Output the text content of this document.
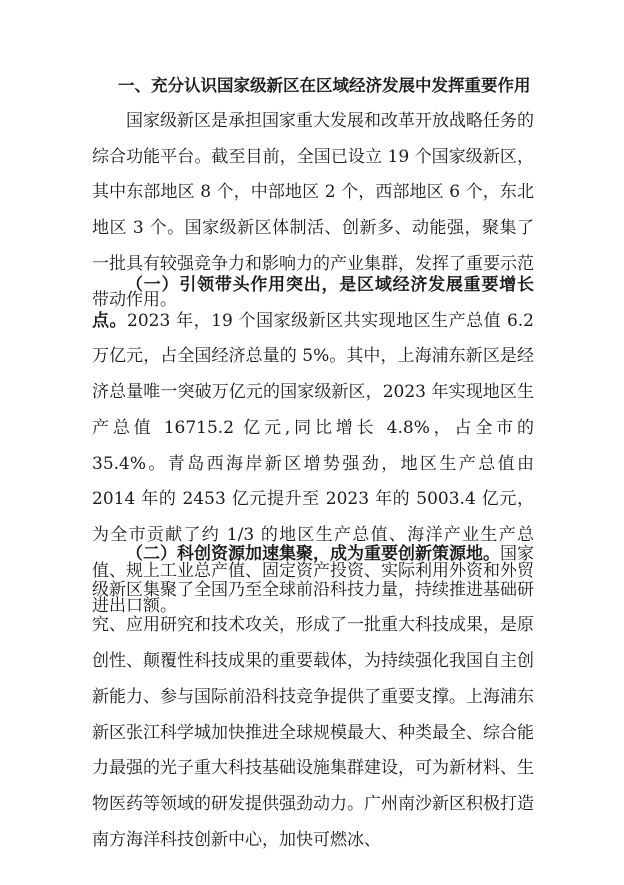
一、充分认识国家级新区在区域经济发展中发挥重要作用

国家级新区是承担国家重大发展和改革开放战略任务的综合功能平台。截至目前，全国已设立 19 个国家级新区，其中东部地区 8 个，中部地区 2 个，西部地区 6 个，东北地区 3 个。国家级新区体制活、创新多、动能强，聚集了一批具有较强竞争力和影响力的产业集群，发挥了重要示范带动作用。

（一）引领带头作用突出，是区域经济发展重要增长点。2023 年，19 个国家级新区共实现地区生产总值 6.2 万亿元，占全国经济总量的 5%。其中，上海浦东新区是经济总量唯一突破万亿元的国家级新区，2023 年实现地区生产总值 16715.2 亿元,同比增长 4.8%，占全市的 35.4%。青岛西海岸新区增势强劲，地区生产总值由 2014 年的 2453 亿元提升至 2023 年的 5003.4 亿元，为全市贡献了约 1/3 的地区生产总值、海洋产业生产总值、规上工业总产值、固定资产投资、实际利用外资和外贸进出口额。

（二）科创资源加速集聚，成为重要创新策源地。国家级新区集聚了全国乃至全球前沿科技力量，持续推进基础研究、应用研究和技术攻关，形成了一批重大科技成果，是原创性、颠覆性科技成果的重要载体，为持续强化我国自主创新能力、参与国际前沿科技竞争提供了重要支撑。上海浦东新区张江科学城加快推进全球规模最大、种类最全、综合能力最强的光子重大科技基础设施集群建设，可为新材料、生物医药等领域的研发提供强劲动力。广州南沙新区积极打造南方海洋科技创新中心，加快可燃冰、
